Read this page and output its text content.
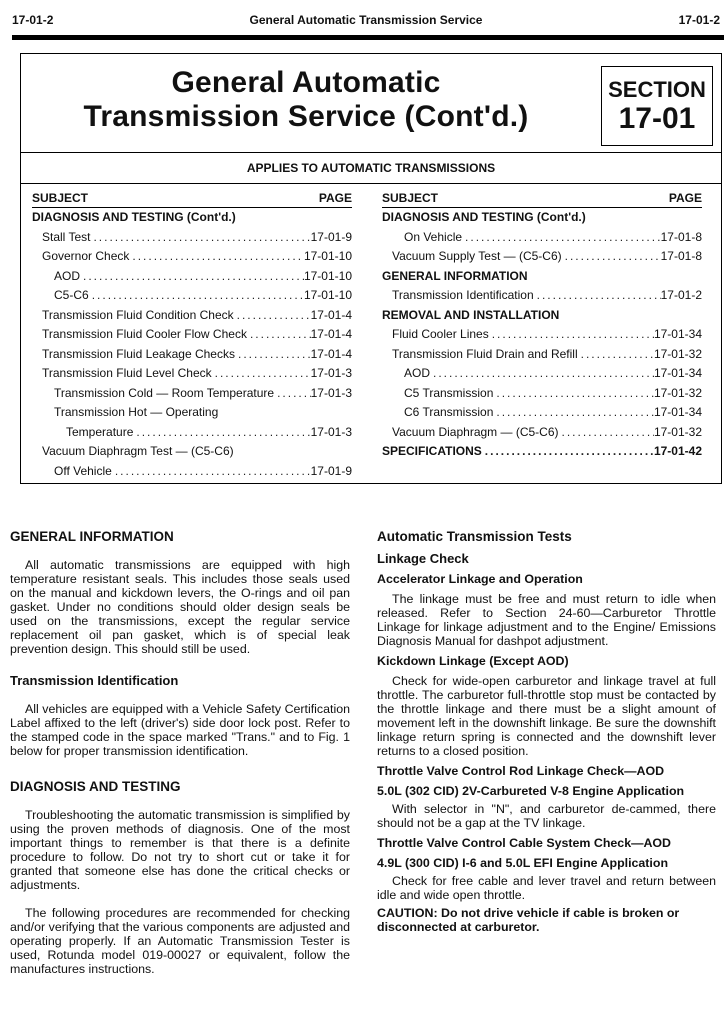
17-01-2	General Automatic Transmission Service	17-01-2
General Automatic
Transmission Service (Cont'd.)
SECTION
17-01
APPLIES TO AUTOMATIC TRANSMISSIONS
SUBJECT	PAGE
DIAGNOSIS AND TESTING (Cont'd.)
Stall Test .....	17-01-9
Governor Check .....	17-01-10
AOD .....	17-01-10
C5-C6 .....	17-01-10
Transmission Fluid Condition Check .....	17-01-4
Transmission Fluid Cooler Flow Check .....	17-01-4
Transmission Fluid Leakage Checks .....	17-01-4
Transmission Fluid Level Check .....	17-01-3
Transmission Cold — Room Temperature .....	17-01-3
Transmission Hot — Operating
Temperature .....	17-01-3
Vacuum Diaphragm Test — (C5-C6)
Off Vehicle .....	17-01-9
SUBJECT	PAGE
DIAGNOSIS AND TESTING (Cont'd.)
On Vehicle .....	17-01-8
Vacuum Supply Test — (C5-C6) .....	17-01-8
GENERAL INFORMATION
Transmission Identification .....	17-01-2
REMOVAL AND INSTALLATION
Fluid Cooler Lines .....	17-01-34
Transmission Fluid Drain and Refill .....	17-01-32
AOD .....	17-01-34
C5 Transmission .....	17-01-32
C6 Transmission .....	17-01-34
Vacuum Diaphragm — (C5-C6) .....	17-01-32
SPECIFICATIONS .....	17-01-42

GENERAL INFORMATION

All automatic transmissions are equipped with high temperature resistant seals. This includes those seals used on the manual and kickdown levers, the O-rings and oil pan gasket. Under no conditions should older design seals be used on the transmissions, except the regular service replacement oil pan gasket, which is of special leak prevention design. This should still be used.

Transmission Identification

All vehicles are equipped with a Vehicle Safety Certification Label affixed to the left (driver's) side door lock post. Refer to the stamped code in the space marked "Trans." and to Fig. 1 below for proper transmission identification.

DIAGNOSIS AND TESTING

Troubleshooting the automatic transmission is simplified by using the proven methods of diagnosis. One of the most important things to remember is that there is a definite procedure to follow. Do not try to short cut or take it for granted that someone else has done the critical checks or adjustments.

The following procedures are recommended for checking and/or verifying that the various components are adjusted and operating properly. If an Automatic Transmission Tester is used, Rotunda model 019-00027 or equivalent, follow the manufactures instructions.

Automatic Transmission Tests

Linkage Check

Accelerator Linkage and Operation

The linkage must be free and must return to idle when released. Refer to Section 24-60—Carburetor Throttle Linkage for linkage adjustment and to the Engine/ Emissions Diagnosis Manual for dashpot adjustment.

Kickdown Linkage (Except AOD)

Check for wide-open carburetor and linkage travel at full throttle. The carburetor full-throttle stop must be contacted by the throttle linkage and there must be a slight amount of movement left in the downshift linkage. Be sure the downshift linkage return spring is connected and the downshift lever returns to a closed position.

Throttle Valve Control Rod Linkage Check—AOD

5.0L (302 CID) 2V-Carbureted V-8 Engine Application

With selector in "N", and carburetor de-cammed, there should not be a gap at the TV linkage.

Throttle Valve Control Cable System Check—AOD

4.9L (300 CID) I-6 and 5.0L EFI Engine Application

Check for free cable and lever travel and return between idle and wide open throttle.

CAUTION: Do not drive vehicle if cable is broken or disconnected at carburetor.
